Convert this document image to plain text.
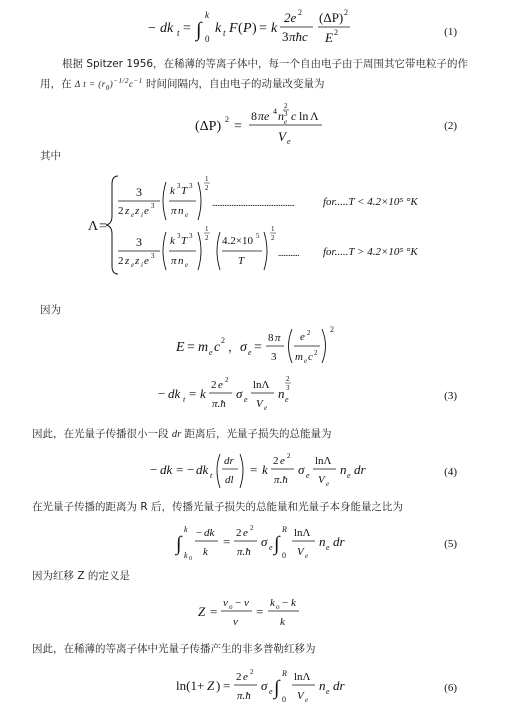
− dk t = ∫
k
0
k t F ( P ) = k
2e 2
3 πħc
(ΔP) 2
E 2	(1)
根据 Spitzer 1956，在稀薄的等离子体中，每一个自由电子由于周围其它带电粒子的作
用，在 Δ $t = (r_0)^{-1/2}c^{-1}$ 时间间隔内，自由电子的动量改变量为
(ΔP) 2 =
8 πe 4 n e
2
3 c ln Λ
V e
(2)
其中
Λ =
3
2 z e z i e 3
k 3 T 3
π n e
1
2
...............................................
3
2 z e z i e 3
k 3 T 3
π n e
1
2 4.2×10 5
T
1
2
............
for.....T < 4.2×10⁵ °K
for.....T > 4.2×10⁵ °K
因为
E = m e c 2 ， σ e =
8 π
3
e 2
m e c 2
2
− dk t = k
2 e 2
π.ħ
σ e
lnΛ
V e
n e
2
3
(3)
因此，在光量子传播很小一段 dr 距离后，光量子损失的总能量为
− dk = − dk t
dr
dl
= k
2 e 2
π.ħ
σ e
lnΛ
V e
n e dr	(4)
在光量子传播的距离为 R 后，传播光量子损失的总能量和光量子本身能量之比为
∫
k
k 0
− dk
k
=
2 e 2
π.ħ
σ e ∫
R
0
lnΛ
V e
n e dr	(5)
因为红移 Z 的定义是
Z =
ν o − ν
ν
=
k o − k
k
因此，在稀薄的等离子体中光量子传播产生的非多普勒红移为
ln(1+ Z ) =
2 e 2
π.ħ
σ e ∫
R
0
lnΛ
V e
n e dr	(6)
